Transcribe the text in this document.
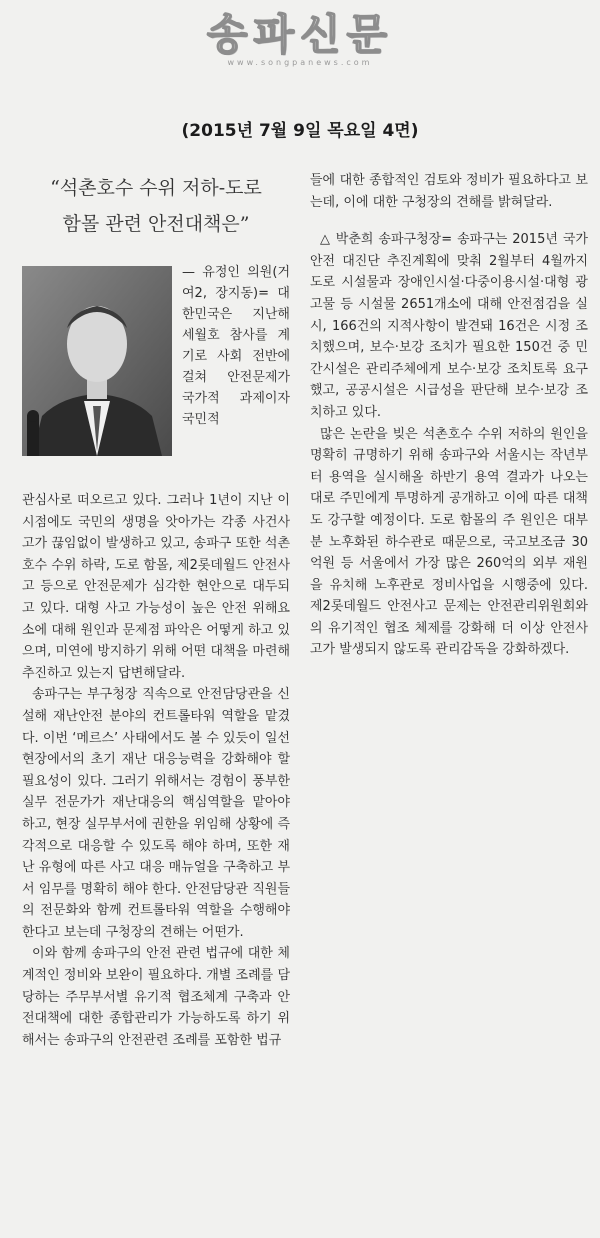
송파신문
www.songpanews.com
(2015년 7월 9일 목요일 4면)
“석촌호수 수위 저하-도로
함몰 관련 안전대책은”
— 유정인 의원(거여2, 장지동)= 대한민국은 지난해 세월호 참사를 계기로 사회 전반에 걸쳐 안전문제가 국가적 과제이자 국민적

관심사로 떠오르고 있다. 그러나 1년이 지난 이 시점에도 국민의 생명을 앗아가는 각종 사건사고가 끊임없이 발생하고 있고, 송파구 또한 석촌호수 수위 하락, 도로 함몰, 제2롯데월드 안전사고 등으로 안전문제가 심각한 현안으로 대두되고 있다. 대형 사고 가능성이 높은 안전 위해요소에 대해 원인과 문제점 파악은 어떻게 하고 있으며, 미연에 방지하기 위해 어떤 대책을 마련해 추진하고 있는지 답변해달라.

송파구는 부구청장 직속으로 안전담당관을 신설해 재난안전 분야의 컨트롤타워 역할을 맡겼다. 이번 ‘메르스’ 사태에서도 볼 수 있듯이 일선 현장에서의 초기 재난 대응능력을 강화해야 할 필요성이 있다. 그러기 위해서는 경험이 풍부한 실무 전문가가 재난대응의 핵심역할을 맡아야 하고, 현장 실무부서에 권한을 위임해 상황에 즉각적으로 대응할 수 있도록 해야 하며, 또한 재난 유형에 따른 사고 대응 매뉴얼을 구축하고 부서 임무를 명확히 해야 한다. 안전담당관 직원들의 전문화와 함께 컨트롤타워 역할을 수행해야 한다고 보는데 구청장의 견해는 어떤가.

이와 함께 송파구의 안전 관련 법규에 대한 체계적인 정비와 보완이 필요하다. 개별 조례를 담당하는 주무부서별 유기적 협조체계 구축과 안전대책에 대한 종합관리가 가능하도록 하기 위해서는 송파구의 안전관련 조례를 포함한 법규

들에 대한 종합적인 검토와 정비가 필요하다고 보는데, 이에 대한 구청장의 견해를 밝혀달라.

△ 박춘희 송파구청장= 송파구는 2015년 국가안전 대진단 추진계획에 맞춰 2월부터 4월까지 도로 시설물과 장애인시설·다중이용시설·대형 광고물 등 시설물 2651개소에 대해 안전점검을 실시, 166건의 지적사항이 발견돼 16건은 시정 조치했으며, 보수·보강 조치가 필요한 150건 중 민간시설은 관리주체에게 보수·보강 조치토록 요구했고, 공공시설은 시급성을 판단해 보수·보강 조치하고 있다.

많은 논란을 빚은 석촌호수 수위 저하의 원인을 명확히 규명하기 위해 송파구와 서울시는 작년부터 용역을 실시해올 하반기 용역 결과가 나오는 대로 주민에게 투명하게 공개하고 이에 따른 대책도 강구할 예정이다. 도로 함몰의 주 원인은 대부분 노후화된 하수관로 때문으로, 국고보조금 30억원 등 서울에서 가장 많은 260억의 외부 재원을 유치해 노후관로 정비사업을 시행중에 있다. 제2롯데월드 안전사고 문제는 안전관리위원회와의 유기적인 협조 체제를 강화해 더 이상 안전사고가 발생되지 않도록 관리감독을 강화하겠다.
